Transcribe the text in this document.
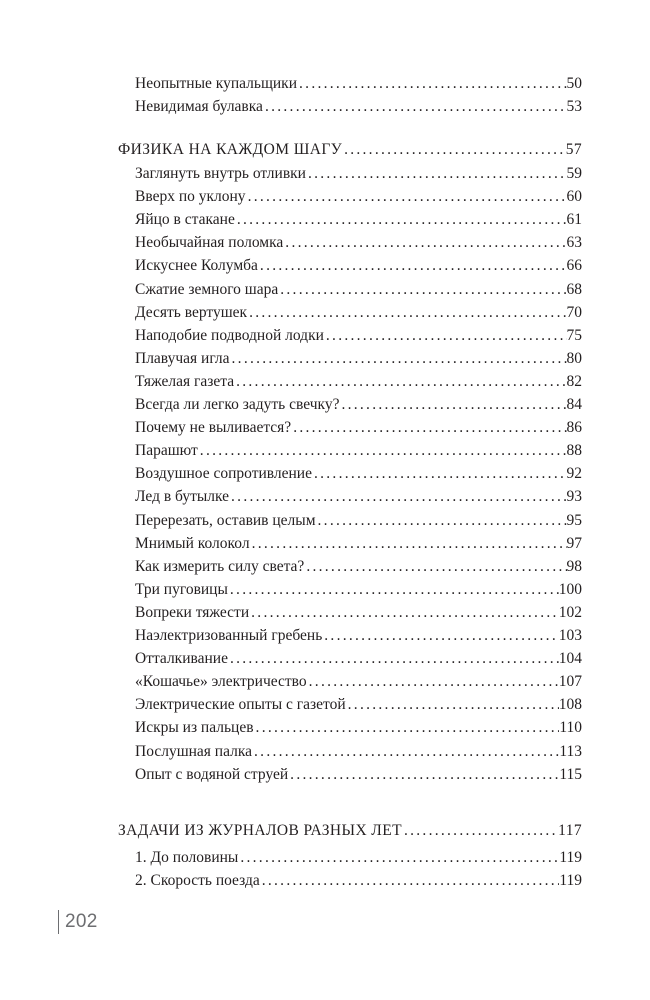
Неопытные купальщики . . .	50
Невидимая булавка . . .	53
ФИЗИКА НА КАЖДОМ ШАГУ . . .	57
Заглянуть внутрь отливки . . .	59
Вверх по уклону . . .	60
Яйцо в стакане . . .	61
Необычайная поломка . . .	63
Искуснее Колумба . . .	66
Сжатие земного шара . . .	68
Десять вертушек . . .	70
Наподобие подводной лодки . . .	75
Плавучая игла . . .	80
Тяжелая газета . . .	82
Всегда ли легко задуть свечку? . . .	84
Почему не выливается? . . .	86
Парашют . . .	88
Воздушное сопротивление . . .	92
Лед в бутылке . . .	93
Перерезать, оставив целым . . .	95
Мнимый колокол . . .	97
Как измерить силу света? . . .	98
Три пуговицы . . .	100
Вопреки тяжести . . .	102
Наэлектризованный гребень . . .	103
Отталкивание . . .	104
«Кошачье» электричество . . .	107
Электрические опыты с газетой . . .	108
Искры из пальцев . . .	110
Послушная палка . . .	113
Опыт с водяной струей . . .	115
ЗАДАЧИ ИЗ ЖУРНАЛОВ РАЗНЫХ ЛЕТ . . .	117
1. До половины . . .	119
2. Скорость поезда . . .	119
202
